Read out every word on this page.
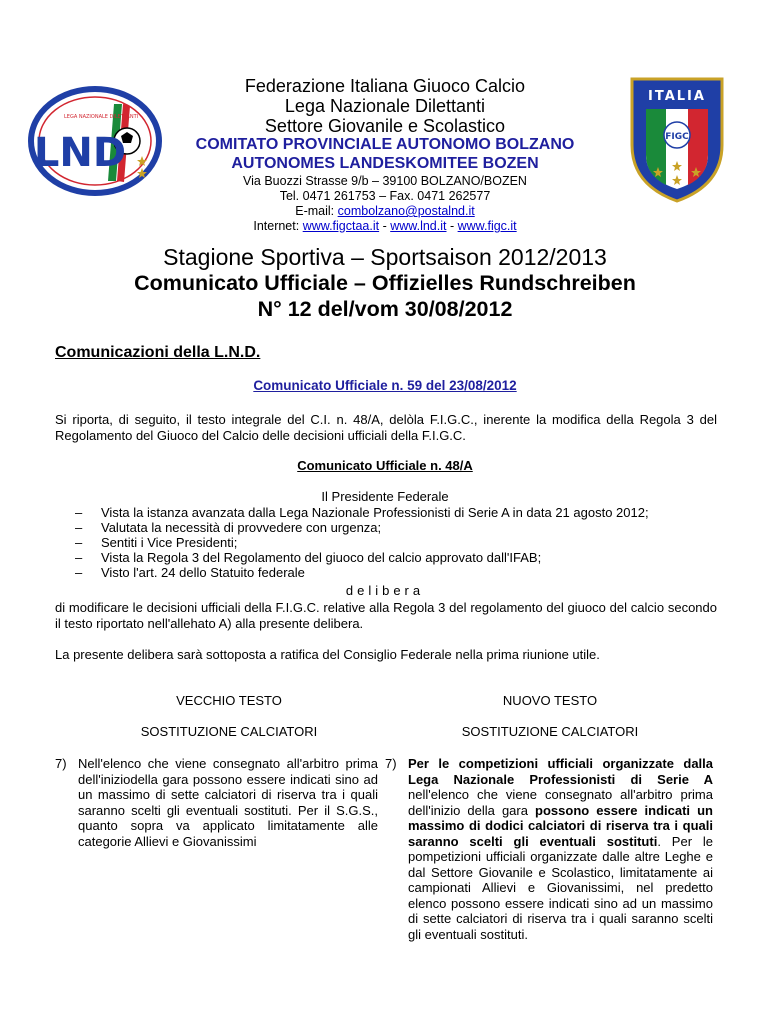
LND
LEGA NAZIONALE DILETTANTI
ITALIA
FIGC
Federazione Italiana Giuoco Calcio
Lega Nazionale Dilettanti
Settore Giovanile e Scolastico
COMITATO PROVINCIALE AUTONOMO BOLZANO
AUTONOMES LANDESKOMITEE BOZEN
Via Buozzi Strasse 9/b – 39100 BOLZANO/BOZEN
Tel. 0471 261753 – Fax. 0471 262577
E-mail: combolzano@postalnd.it
Internet: www.figctaa.it - www.lnd.it - www.figc.it
Stagione Sportiva – Sportsaison 2012/2013
Comunicato Ufficiale – Offizielles Rundschreiben
N° 12 del/vom 30/08/2012
Comunicazioni della L.N.D.
Comunicato Ufficiale n. 59 del 23/08/2012
Si riporta, di seguito, il testo integrale del C.I. n. 48/A, delòla F.I.G.C., inerente la modifica della Regola 3 del Regolamento del Giuoco del Calcio delle decisioni ufficiali della F.I.G.C.
Comunicato Ufficiale n. 48/A
Il Presidente Federale
– Vista la istanza avanzata dalla Lega Nazionale Professionisti di Serie A in data 21 agosto 2012;
– Valutata la necessità di provvedere con urgenza;
– Sentiti i Vice Presidenti;
– Vista la Regola 3 del Regolamento del giuoco del calcio approvato dall'IFAB;
– Visto l'art. 24 dello Statuito federale
delibera
di modificare le decisioni ufficiali della F.I.G.C. relative alla Regola 3 del regolamento del giuoco del calcio secondo il testo riportato nell'allehato A) alla presente delibera.
La presente delibera sarà sottoposta a ratifica del Consiglio Federale nella prima riunione utile.
VECCHIO TESTO	NUOVO TESTO
SOSTITUZIONE CALCIATORI	SOSTITUZIONE CALCIATORI
7) Nell'elenco che viene consegnato all'arbitro prima dell'iniziodella gara possono essere indicati sino ad un massimo di sette calciatori di riserva tra i quali saranno scelti gli eventuali sostituti. Per il S.G.S., quanto sopra va applicato limitatamente alle categorie Allievi e Giovanissimi
7) Per le competizioni ufficiali organizzate dalla Lega Nazionale Professionisti di Serie A nell'elenco che viene consegnato all'arbitro prima dell'inizio della gara possono essere indicati un massimo di dodici calciatori di riserva tra i quali saranno scelti gli eventuali sostituti. Per le pompetizioni ufficiali organizzate dalle altre Leghe e dal Settore Giovanile e Scolastico, limitatamente ai campionati Allievi e Giovanissimi, nel predetto elenco possono essere indicati sino ad un massimo di sette calciatori di riserva tra i quali saranno scelti gli eventuali sostituti.
